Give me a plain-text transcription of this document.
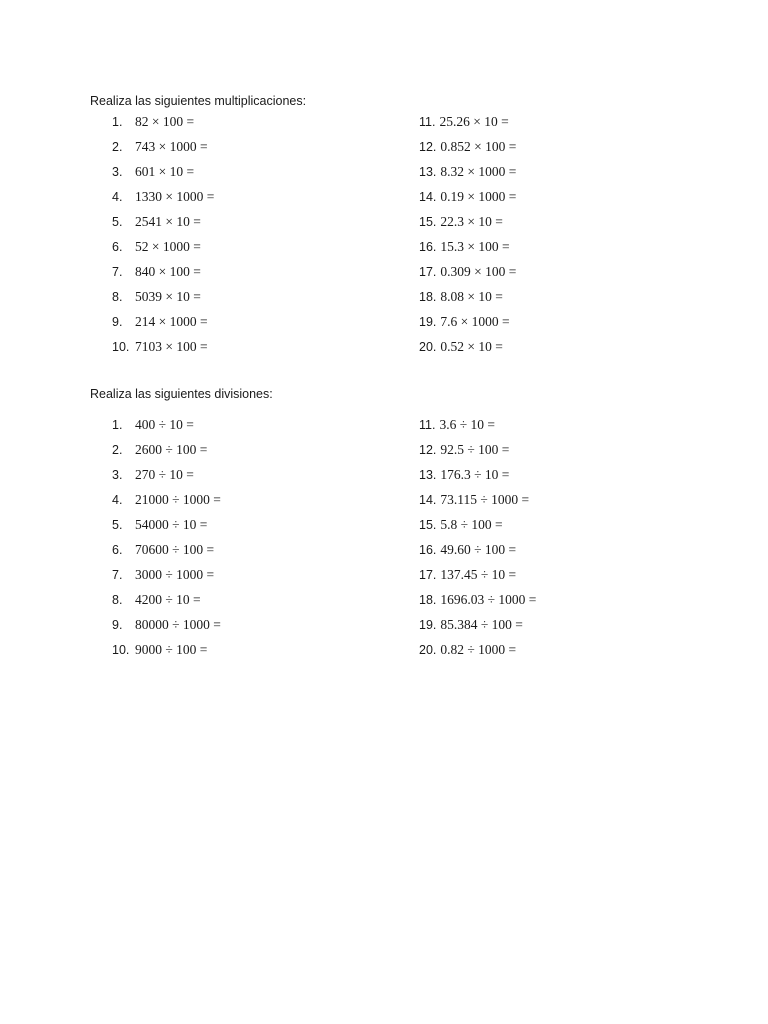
Realiza las siguientes multiplicaciones:
1. 82 × 100 =
2. 743 × 1000 =
3. 601 × 10 =
4. 1330 × 1000 =
5. 2541 × 10 =
6. 52 × 1000 =
7. 840 × 100 =
8. 5039 × 10 =
9. 214 × 1000 =
10. 7103 × 100 =
11. 25.26 × 10 =
12. 0.852 × 100 =
13. 8.32 × 1000 =
14. 0.19 × 1000 =
15. 22.3 × 10 =
16. 15.3 × 100 =
17. 0.309 × 100 =
18. 8.08 × 10 =
19. 7.6 × 1000 =
20. 0.52 × 10 =
Realiza las siguientes divisiones:
1. 400 ÷ 10 =
2. 2600 ÷ 100 =
3. 270 ÷ 10 =
4. 21000 ÷ 1000 =
5. 54000 ÷ 10 =
6. 70600 ÷ 100 =
7. 3000 ÷ 1000 =
8. 4200 ÷ 10 =
9. 80000 ÷ 1000 =
10. 9000 ÷ 100 =
11. 3.6 ÷ 10 =
12. 92.5 ÷ 100 =
13. 176.3 ÷ 10 =
14. 73.115 ÷ 1000 =
15. 5.8 ÷ 100 =
16. 49.60 ÷ 100 =
17. 137.45 ÷ 10 =
18. 1696.03 ÷ 1000 =
19. 85.384 ÷ 100 =
20. 0.82 ÷ 1000 =
